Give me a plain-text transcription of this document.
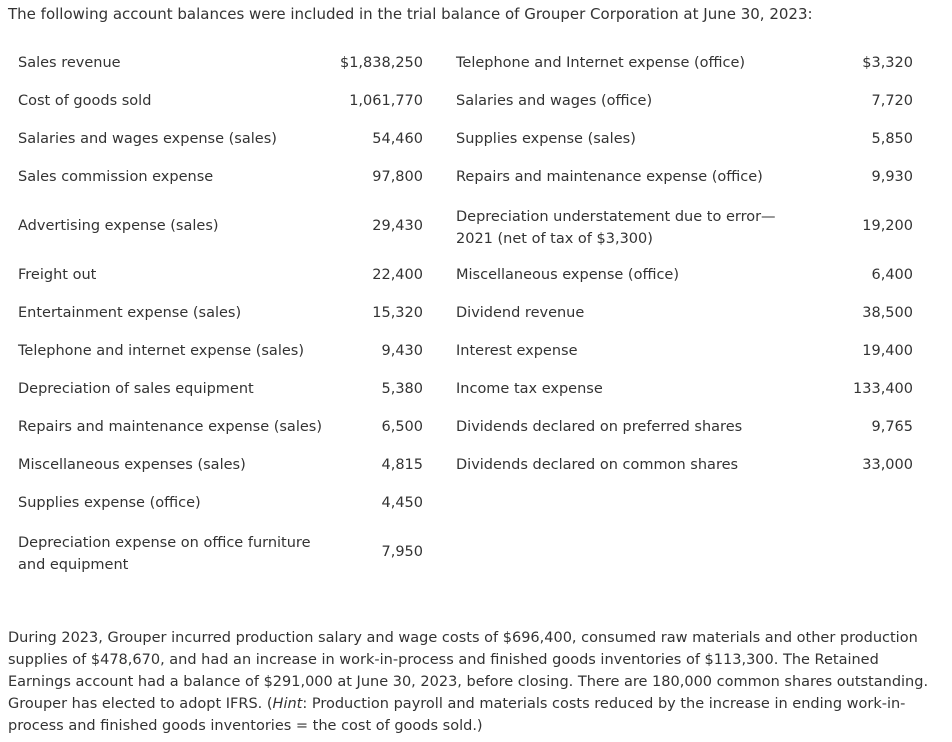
The following account balances were included in the trial balance of Grouper Corporation at June 30, 2023:
Sales revenue	$1,838,250
Cost of goods sold	1,061,770
Salaries and wages expense (sales)	54,460
Sales commission expense	97,800
Advertising expense (sales)	29,430
Freight out	22,400
Entertainment expense (sales)	15,320
Telephone and internet expense (sales)	9,430
Depreciation of sales equipment	5,380
Repairs and maintenance expense (sales)	6,500
Miscellaneous expenses (sales)	4,815
Supplies expense (office)	4,450
Depreciation expense on office furniture and equipment
7,950
Telephone and Internet expense (office)	$3,320
Salaries and wages (office)	7,720
Supplies expense (sales)	5,850
Repairs and maintenance expense (office)	9,930
Depreciation understatement due to error—2021 (net of tax of $3,300)
19,200
Miscellaneous expense (office)	6,400
Dividend revenue	38,500
Interest expense	19,400
Income tax expense	133,400
Dividends declared on preferred shares	9,765
Dividends declared on common shares	33,000
During 2023, Grouper incurred production salary and wage costs of $696,400, consumed raw materials and other production supplies of $478,670, and had an increase in work-in-process and finished goods inventories of $113,300. The Retained Earnings account had a balance of $291,000 at June 30, 2023, before closing. There are 180,000 common shares outstanding. Grouper has elected to adopt IFRS. (Hint: Production payroll and materials costs reduced by the increase in ending work-in-process and finished goods inventories = the cost of goods sold.)
